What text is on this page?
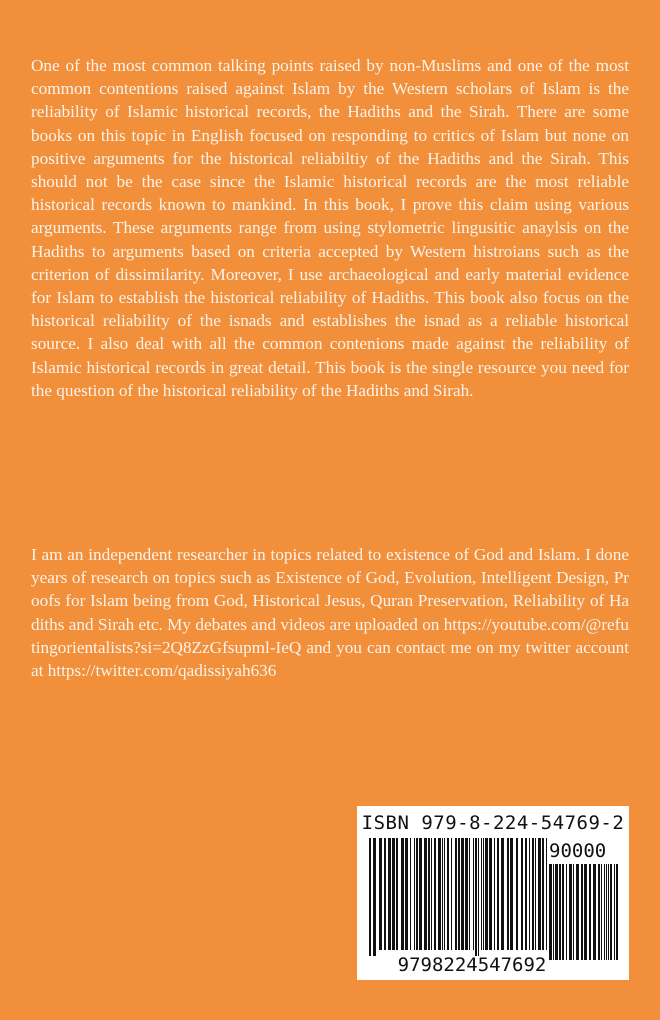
One of the most common talking points raised by non-Muslims and one of the most common contentions raised against Islam by the Western scholars of Islam is the reliability of Islamic historical records, the Hadiths and the Sirah. There are some books on this topic in English focused on responding to critics of Islam but none on positive arguments for the historical reliabiltiy of the Hadiths and the Sirah. This should not be the case since the Islamic historical records are the most reliable historical records known to mankind. In this book, I prove this claim using various arguments. These arguments range from using stylometric lingusitic anaylsis on the Hadiths to arguments based on criteria accepted by Western histroians such as the criterion of dissimilarity. Moreover, I use archaeological and early material evidence for Islam to establish the historical reliability of Hadiths. This book also focus on the historical reliability of the isnads and establishes the isnad as a reliable historical source. I also deal with all the common contenions made against the reliability of Islamic historical records in great detail. This book is the single resource you need for the question of the historical reliability of the Hadiths and Sirah.

I am an independent researcher in topics related to existence of God and Islam. I done years of research on topics such as Existence of God, Evolution, Intelligent Design, Proofs for Islam being from God, Historical Jesus, Quran Preservation, Reliability of Hadiths and Sirah etc. My debates and videos are uploaded on https://youtube.com/@refutingorientalists?si=2Q8ZzGfsupml-IeQ and you can contact me on my twitter account at https://twitter.com/qadissiyah636

ISBN 979-8-224-54769-2
90000
9798224547692
